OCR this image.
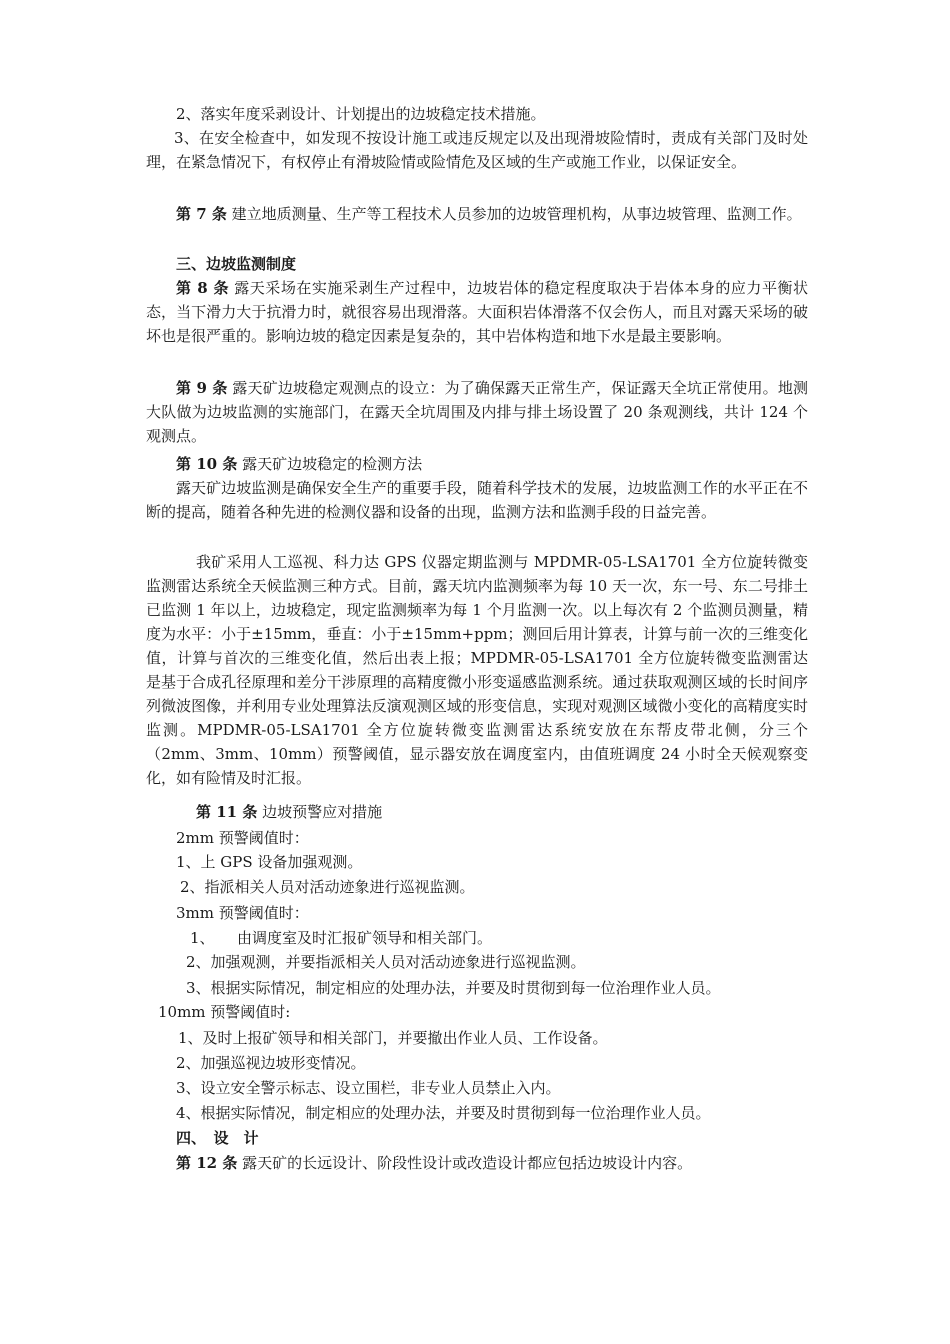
2、落实年度采剥设计、计划提出的边坡稳定技术措施。
3、在安全检查中，如发现不按设计施工或违反规定以及出现滑坡险情时，责成有关部门及时处理，在紧急情况下，有权停止有滑坡险情或险情危及区域的生产或施工作业，以保证安全。
第 7 条 建立地质测量、生产等工程技术人员参加的边坡管理机构，从事边坡管理、监测工作。
三、边坡监测制度
第 8 条 露天采场在实施采剥生产过程中，边坡岩体的稳定程度取决于岩体本身的应力平衡状态，当下滑力大于抗滑力时，就很容易出现滑落。大面积岩体滑落不仅会伤人，而且对露天采场的破坏也是很严重的。影响边坡的稳定因素是复杂的，其中岩体构造和地下水是最主要影响。
第 9 条 露天矿边坡稳定观测点的设立：为了确保露天正常生产，保证露天全坑正常使用。地测大队做为边坡监测的实施部门，在露天全坑周围及内排与排土场设置了 20 条观测线，共计 124 个观测点。
第 10 条 露天矿边坡稳定的检测方法
露天矿边坡监测是确保安全生产的重要手段，随着科学技术的发展，边坡监测工作的水平正在不断的提高，随着各种先进的检测仪器和设备的出现，监测方法和监测手段的日益完善。
我矿采用人工巡视、科力达 GPS 仪器定期监测与 MPDMR-05-LSA1701 全方位旋转微变监测雷达系统全天候监测三种方式。目前，露天坑内监测频率为每 10 天一次，东一号、东二号排土已监测 1 年以上，边坡稳定，现定监测频率为每 1 个月监测一次。以上每次有 2 个监测员测量，精度为水平：小于±15mm，垂直：小于±15mm+ppm；测回后用计算表，计算与前一次的三维变化值，计算与首次的三维变化值，然后出表上报；MPDMR-05-LSA1701 全方位旋转微变监测雷达是基于合成孔径原理和差分干涉原理的高精度微小形变遥感监测系统。通过获取观测区域的长时间序列微波图像，并利用专业处理算法反演观测区域的形变信息，实现对观测区域微小变化的高精度实时监测。MPDMR-05-LSA1701 全方位旋转微变监测雷达系统安放在东帮皮带北侧，分三个（2mm、3mm、10mm）预警阈值，显示器安放在调度室内，由值班调度 24 小时全天候观察变化，如有险情及时汇报。
第 11 条 边坡预警应对措施
2mm 预警阈值时：
1、上 GPS 设备加强观测。
2、指派相关人员对活动迹象进行巡视监测。
3mm 预警阈值时：
1、　　由调度室及时汇报矿领导和相关部门。
2、加强观测，并要指派相关人员对活动迹象进行巡视监测。
3、根据实际情况，制定相应的处理办法，并要及时贯彻到每一位治理作业人员。
10mm 预警阈值时:
1、及时上报矿领导和相关部门，并要撤出作业人员、工作设备。
2、加强巡视边坡形变情况。
3、设立安全警示标志、设立围栏，非专业人员禁止入内。
4、根据实际情况，制定相应的处理办法，并要及时贯彻到每一位治理作业人员。
四、　设　计
第 12 条 露天矿的长远设计、阶段性设计或改造设计都应包括边坡设计内容。
